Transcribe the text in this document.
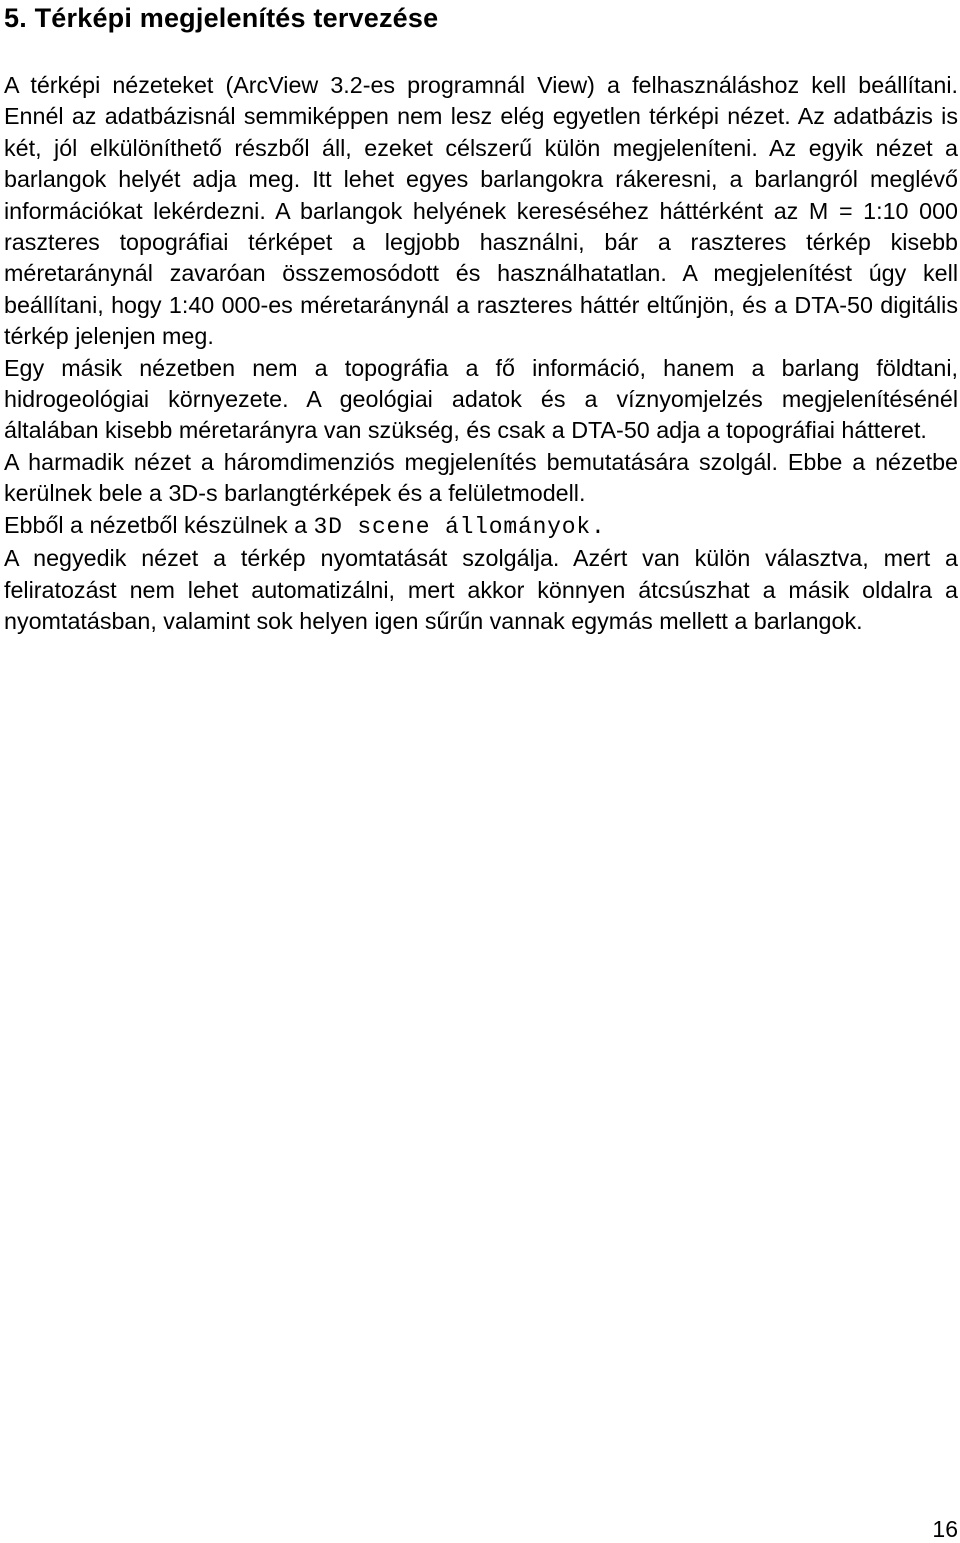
5. Térképi megjelenítés tervezése

A térképi nézeteket (ArcView 3.2-es programnál View) a felhasználáshoz kell beállítani. Ennél az adatbázisnál semmiképpen nem lesz elég egyetlen térképi nézet. Az adatbázis is két, jól elkülöníthető részből áll, ezeket célszerű külön megjeleníteni. Az egyik nézet a barlangok helyét adja meg. Itt lehet egyes barlangokra rákeresni, a barlangról meglévő információkat lekérdezni. A barlangok helyének kereséséhez háttérként az M = 1:10 000 raszteres topográfiai térképet a legjobb használni, bár a raszteres térkép kisebb méretaránynál zavaróan összemosódott és használhatatlan. A megjelenítést úgy kell beállítani, hogy 1:40 000-es méretaránynál a raszteres háttér eltűnjön, és a DTA-50 digitális térkép jelenjen meg.

Egy másik nézetben nem a topográfia a fő információ, hanem a barlang földtani, hidrogeológiai környezete. A geológiai adatok és a víznyomjelzés megjelenítésénél általában kisebb méretarányra van szükség, és csak a DTA-50 adja a topográfiai hátteret.

A harmadik nézet a háromdimenziós megjelenítés bemutatására szolgál. Ebbe a nézetbe kerülnek bele a 3D-s barlangtérképek és a felületmodell.

Ebből a nézetből készülnek a 3D scene állományok.

A negyedik nézet a térkép nyomtatását szolgálja. Azért van külön választva, mert a feliratozást nem lehet automatizálni, mert akkor könnyen átcsúszhat a másik oldalra a nyomtatásban, valamint sok helyen igen sűrűn vannak egymás mellett a barlangok.

16
